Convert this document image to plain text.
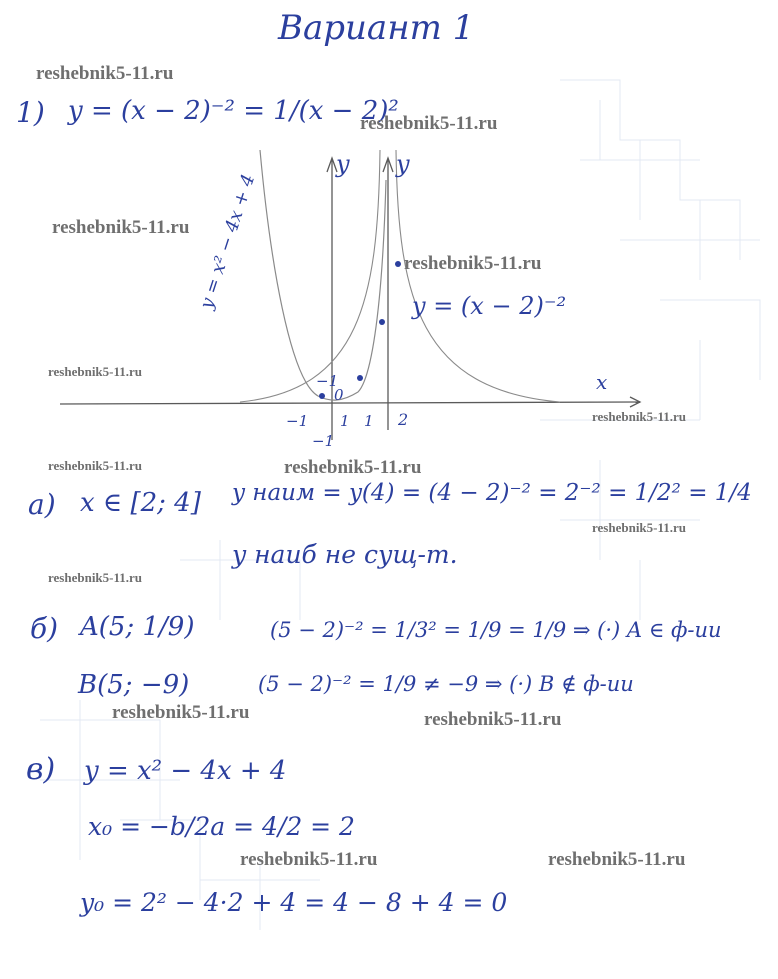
Вариант 1
1) y = (x − 2)⁻² = 1/(x − 2)²
y y
x
y = x² − 4x + 4	y = (x − 2)⁻²
−1
0
1 2
−1
−1
1
а) x ∈ [2; 4] y наим = y(4) = (4 − 2)⁻² = 2⁻² = 1/2² = 1/4
y наиб не сущ-т.
б) A(5; 1/9)	(5 − 2)⁻² = 1/3² = 1/9 = 1/9 ⇒ (·) A ∈ ф-ии
B(5; −9)	(5 − 2)⁻² = 1/9 ≠ −9 ⇒ (·) B ∉ ф-ии
в) y = x² − 4x + 4
x₀ = −b/2a = 4/2 = 2
y₀ = 2² − 4·2 + 4 = 4 − 8 + 4 = 0
reshebnik5-11.ru
reshebnik5-11.ru
reshebnik5-11.ru
reshebnik5-11.ru
reshebnik5-11.ru
reshebnik5-11.ru
reshebnik5-11.ru	reshebnik5-11.ru
reshebnik5-11.ru
reshebnik5-11.ru
reshebnik5-11.ru	reshebnik5-11.ru
reshebnik5-11.ru	reshebnik5-11.ru
